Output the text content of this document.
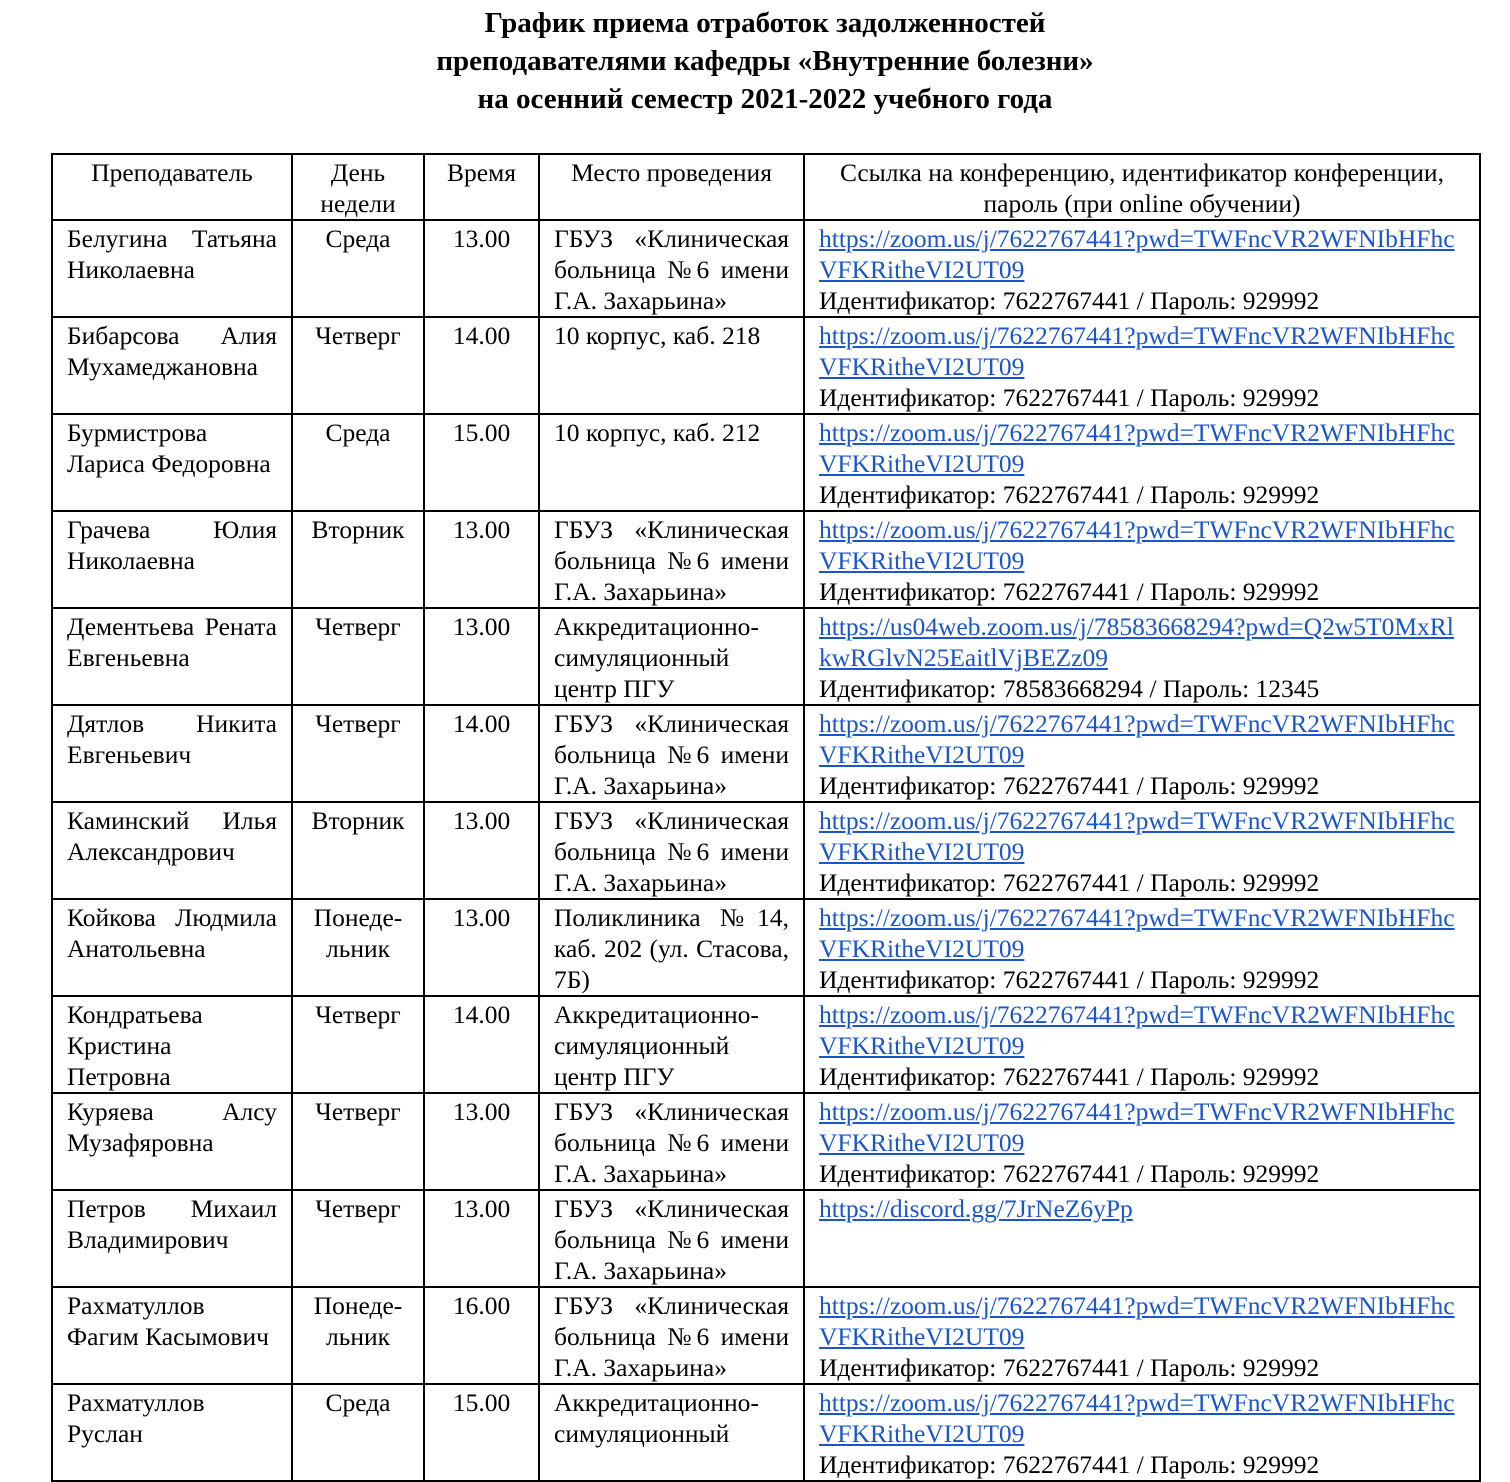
График приема отработок задолженностей
преподавателями кафедры «Внутренние болезни»
на осенний семестр 2021-2022 учебного года
Преподаватель	День недели	Время	Место проведения	Ссылка на конференцию, идентификатор конференции, пароль (при online обучении)
Белугина Татьяна Николаевна	Среда	13.00	ГБУЗ «Клиническая больница №6 имени Г.А. Захарьина»	https://zoom.us/j/7622767441?pwd=TWFncVR2WFNIbHFhcVFKRitheVI2UT09
Идентификатор: 7622767441 / Пароль: 929992

Бибарсова Алия Мухамеджановна	Четверг	14.00	10 корпус, каб. 218	https://zoom.us/j/7622767441?pwd=TWFncVR2WFNIbHFhcVFKRitheVI2UT09
Идентификатор: 7622767441 / Пароль: 929992

Бурмистрова Лариса Федоровна	Среда	15.00	10 корпус, каб. 212	https://zoom.us/j/7622767441?pwd=TWFncVR2WFNIbHFhcVFKRitheVI2UT09
Идентификатор: 7622767441 / Пароль: 929992

Грачева Юлия Николаевна	Вторник	13.00	ГБУЗ «Клиническая больница №6 имени Г.А. Захарьина»	https://zoom.us/j/7622767441?pwd=TWFncVR2WFNIbHFhcVFKRitheVI2UT09
Идентификатор: 7622767441 / Пароль: 929992

Дементьева Рената Евгеньевна	Четверг	13.00	Аккредитационно-симуляционный центр ПГУ	https://us04web.zoom.us/j/78583668294?pwd=Q2w5T0MxRlkwRGlvN25EaitlVjBEZz09
Идентификатор: 78583668294 / Пароль: 12345

Дятлов Никита Евгеньевич	Четверг	14.00	ГБУЗ «Клиническая больница №6 имени Г.А. Захарьина»	https://zoom.us/j/7622767441?pwd=TWFncVR2WFNIbHFhcVFKRitheVI2UT09
Идентификатор: 7622767441 / Пароль: 929992

Каминский Илья Александрович	Вторник	13.00	ГБУЗ «Клиническая больница №6 имени Г.А. Захарьина»	https://zoom.us/j/7622767441?pwd=TWFncVR2WFNIbHFhcVFKRitheVI2UT09
Идентификатор: 7622767441 / Пароль: 929992

Койкова Людмила Анатольевна	Понеде-льник	13.00	Поликлиника №14, каб. 202 (ул. Стасова, 7Б)	https://zoom.us/j/7622767441?pwd=TWFncVR2WFNIbHFhcVFKRitheVI2UT09
Идентификатор: 7622767441 / Пароль: 929992

Кондратьева Кристина Петровна	Четверг	14.00	Аккредитационно-симуляционный центр ПГУ	https://zoom.us/j/7622767441?pwd=TWFncVR2WFNIbHFhcVFKRitheVI2UT09
Идентификатор: 7622767441 / Пароль: 929992

Куряева Алсу Музафяровна	Четверг	13.00	ГБУЗ «Клиническая больница №6 имени Г.А. Захарьина»	https://zoom.us/j/7622767441?pwd=TWFncVR2WFNIbHFhcVFKRitheVI2UT09
Идентификатор: 7622767441 / Пароль: 929992

Петров Михаил Владимирович	Четверг	13.00	ГБУЗ «Клиническая больница №6 имени Г.А. Захарьина»	https://discord.gg/7JrNeZ6yPp

Рахматуллов Фагим Касымович	Понеде-льник	16.00	ГБУЗ «Клиническая больница №6 имени Г.А. Захарьина»	https://zoom.us/j/7622767441?pwd=TWFncVR2WFNIbHFhcVFKRitheVI2UT09
Идентификатор: 7622767441 / Пароль: 929992

Рахматуллов Руслан	Среда	15.00	Аккредитационно-симуляционный	https://zoom.us/j/7622767441?pwd=TWFncVR2WFNIbHFhcVFKRitheVI2UT09
Идентификатор: 7622767441 / Пароль: 929992
